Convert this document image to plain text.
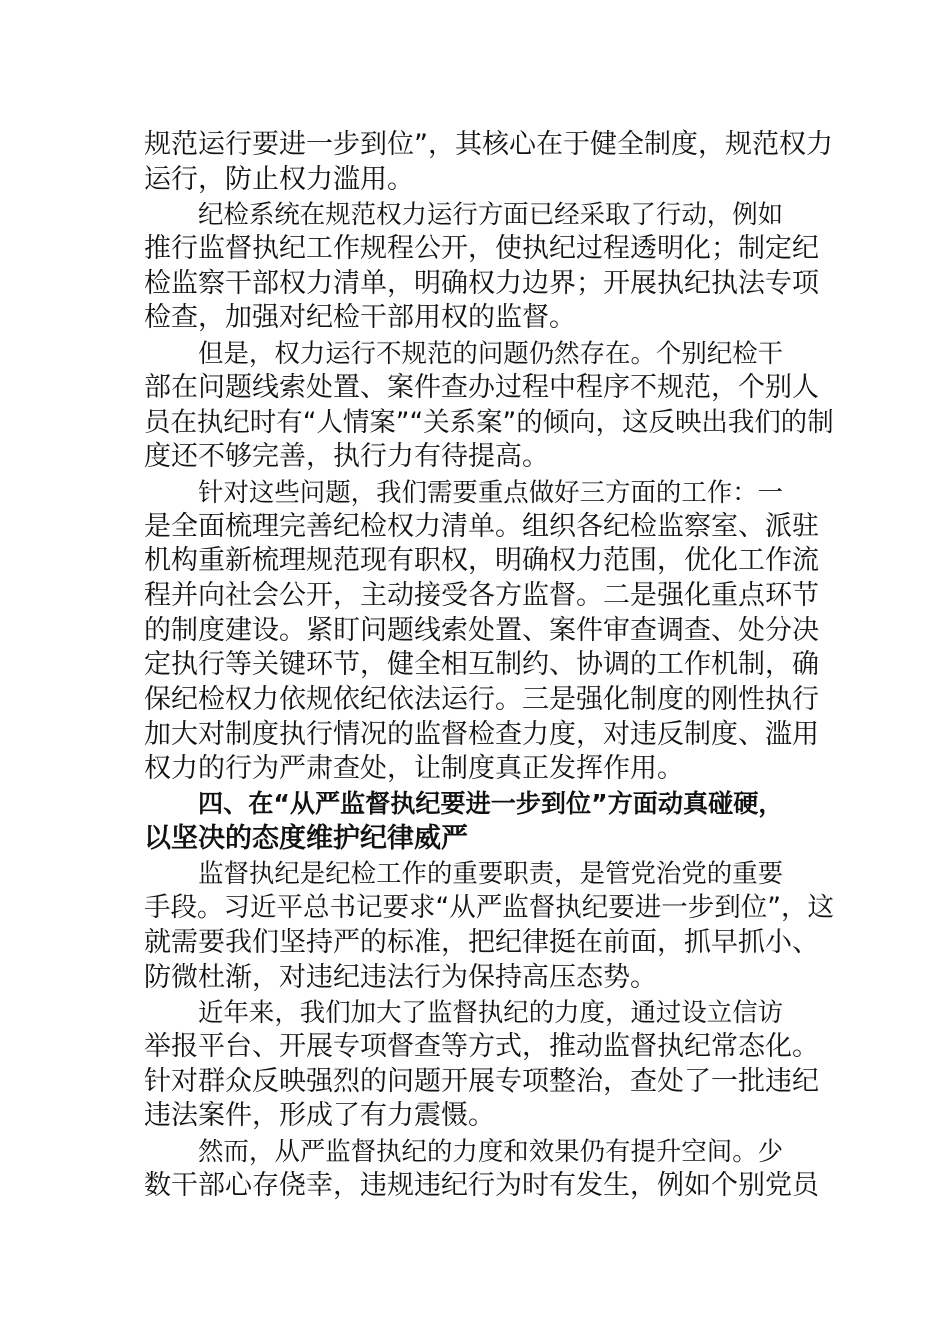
规范运行要进一步到位”，其核心在于健全制度，规范权力
运行，防止权力滥用。
纪检系统在规范权力运行方面已经采取了行动，例如
推行监督执纪工作规程公开，使执纪过程透明化；制定纪
检监察干部权力清单，明确权力边界；开展执纪执法专项
检查，加强对纪检干部用权的监督。
但是，权力运行不规范的问题仍然存在。个别纪检干
部在问题线索处置、案件查办过程中程序不规范，个别人
员在执纪时有“人情案”“关系案”的倾向，这反映出我们的制
度还不够完善，执行力有待提高。
针对这些问题，我们需要重点做好三方面的工作：一
是全面梳理完善纪检权力清单。组织各纪检监察室、派驻
机构重新梳理规范现有职权，明确权力范围，优化工作流
程并向社会公开，主动接受各方监督。二是强化重点环节
的制度建设。紧盯问题线索处置、案件审查调查、处分决
定执行等关键环节，健全相互制约、协调的工作机制，确
保纪检权力依规依纪依法运行。三是强化制度的刚性执行
加大对制度执行情况的监督检查力度，对违反制度、滥用
权力的行为严肃查处，让制度真正发挥作用。
四、在“从严监督执纪要进一步到位”方面动真碰硬，
以坚决的态度维护纪律威严
监督执纪是纪检工作的重要职责，是管党治党的重要
手段。习近平总书记要求“从严监督执纪要进一步到位”，这
就需要我们坚持严的标准，把纪律挺在前面，抓早抓小、
防微杜渐，对违纪违法行为保持高压态势。
近年来，我们加大了监督执纪的力度，通过设立信访
举报平台、开展专项督查等方式，推动监督执纪常态化。
针对群众反映强烈的问题开展专项整治，查处了一批违纪
违法案件，形成了有力震慑。
然而，从严监督执纪的力度和效果仍有提升空间。少
数干部心存侥幸，违规违纪行为时有发生，例如个别党员
